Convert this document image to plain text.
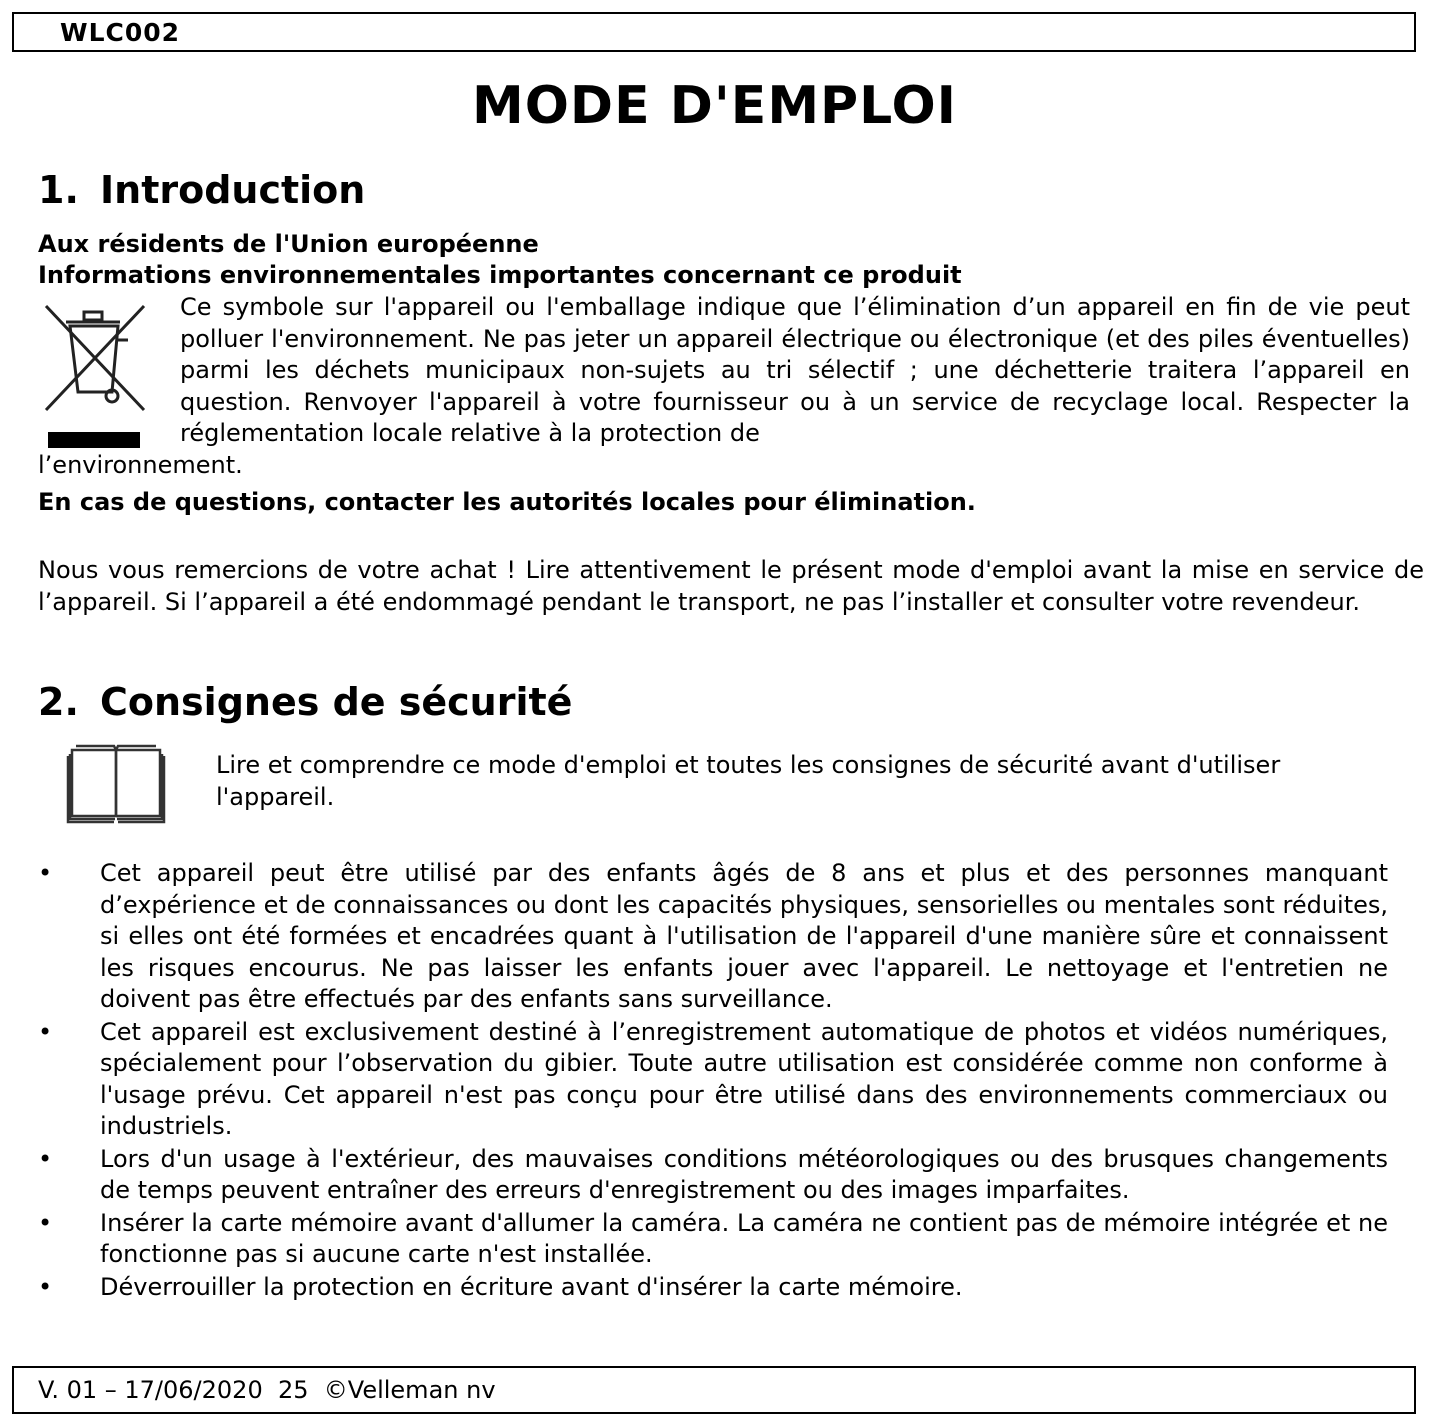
WLC002
MODE D'EMPLOI
1. Introduction
Aux résidents de l'Union européenne
Informations environnementales importantes concernant ce produit
Ce symbole sur l'appareil ou l'emballage indique que l’élimination d’un appareil en fin de vie peut polluer l'environnement. Ne pas jeter un appareil électrique ou électronique (et des piles éventuelles) parmi les déchets municipaux non-sujets au tri sélectif ; une déchetterie traitera l’appareil en question. Renvoyer l'appareil à votre fournisseur ou à un service de recyclage local. Respecter la réglementation locale relative à la protection de
l’environnement.
En cas de questions, contacter les autorités locales pour élimination.
Nous vous remercions de votre achat ! Lire attentivement le présent mode d'emploi avant la mise en service de l’appareil. Si l’appareil a été endommagé pendant le transport, ne pas l’installer et consulter votre revendeur.
2. Consignes de sécurité
Lire et comprendre ce mode d'emploi et toutes les consignes de sécurité avant d'utiliser l'appareil.
• Cet appareil peut être utilisé par des enfants âgés de 8 ans et plus et des personnes manquant d’expérience et de connaissances ou dont les capacités physiques, sensorielles ou mentales sont réduites, si elles ont été formées et encadrées quant à l'utilisation de l'appareil d'une manière sûre et connaissent les risques encourus. Ne pas laisser les enfants jouer avec l'appareil. Le nettoyage et l'entretien ne doivent pas être effectués par des enfants sans surveillance.
• Cet appareil est exclusivement destiné à l’enregistrement automatique de photos et vidéos numériques, spécialement pour l’observation du gibier. Toute autre utilisation est considérée comme non conforme à l'usage prévu. Cet appareil n'est pas conçu pour être utilisé dans des environnements commerciaux ou industriels.
• Lors d'un usage à l'extérieur, des mauvaises conditions météorologiques ou des brusques changements de temps peuvent entraîner des erreurs d'enregistrement ou des images imparfaites.
• Insérer la carte mémoire avant d'allumer la caméra. La caméra ne contient pas de mémoire intégrée et ne fonctionne pas si aucune carte n'est installée.
• Déverrouiller la protection en écriture avant d'insérer la carte mémoire.
V. 01 – 17/06/2020  25  ©Velleman nv
